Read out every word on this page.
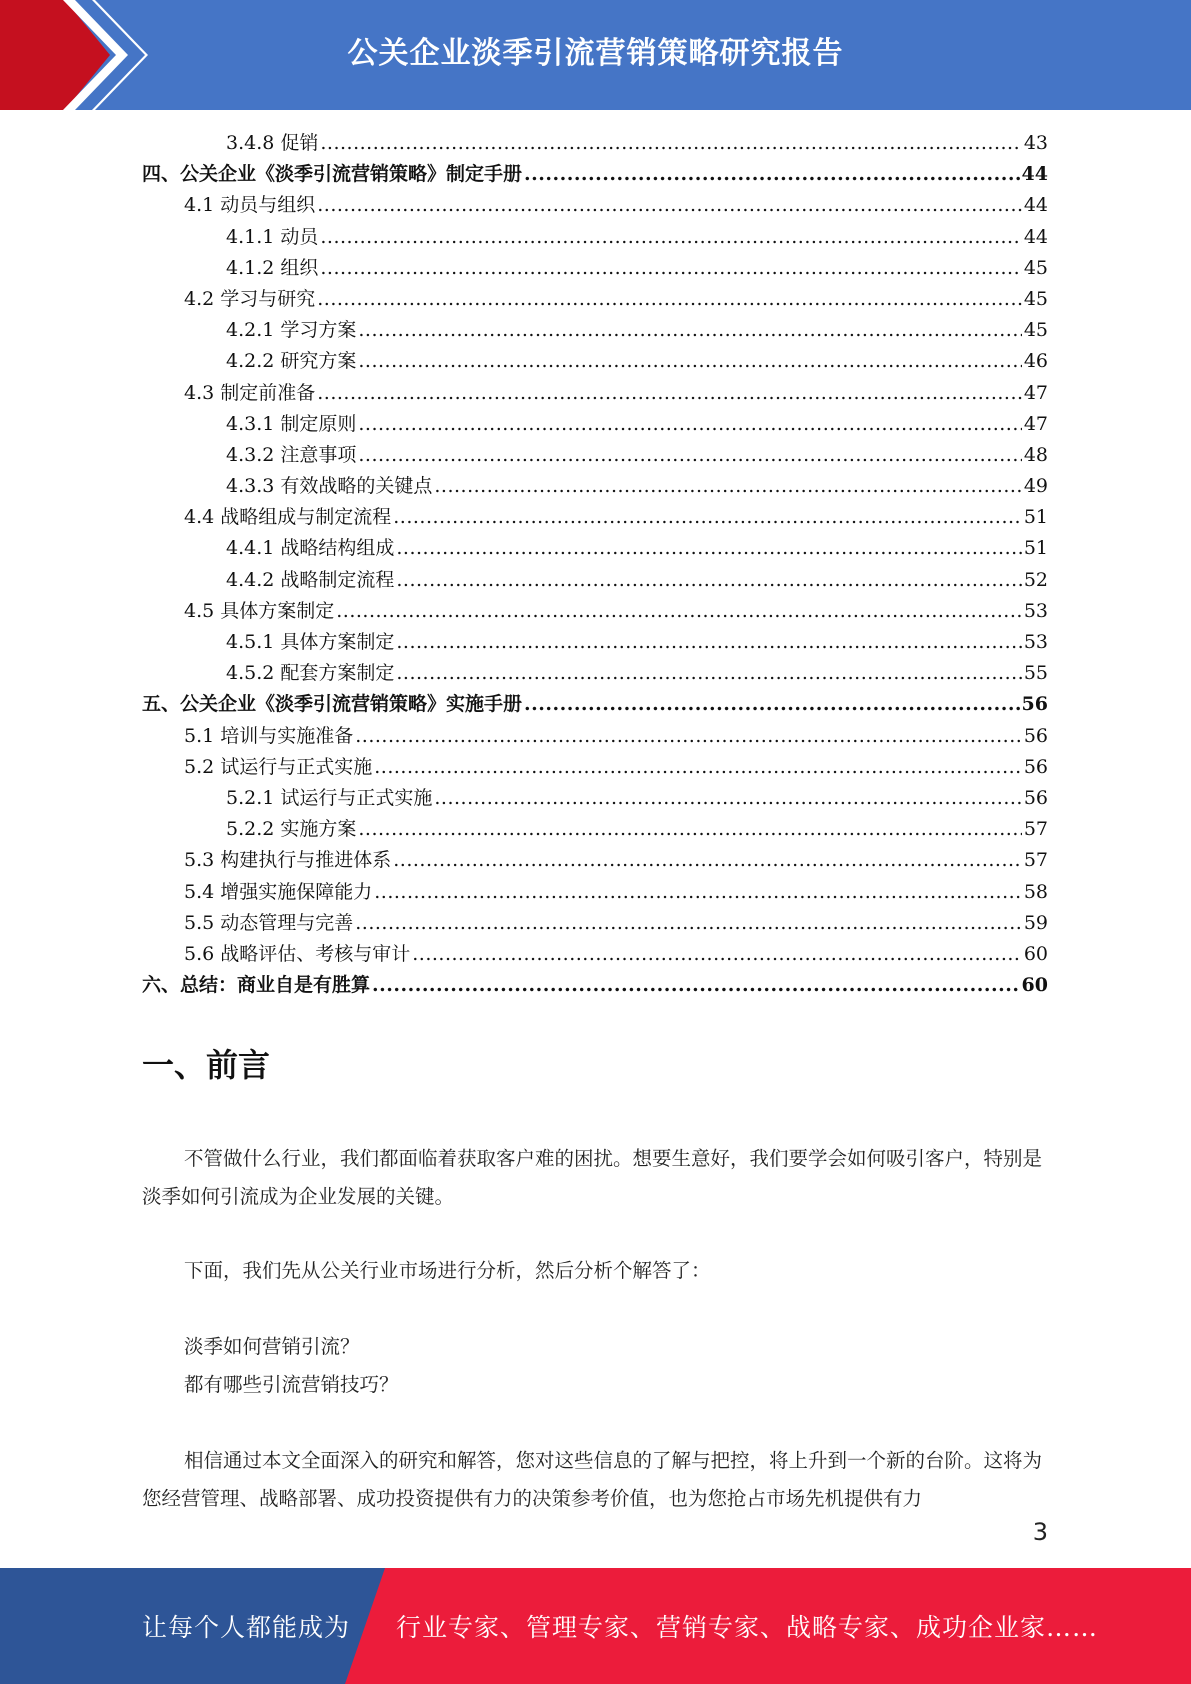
公关企业淡季引流营销策略研究报告
3.4.8 促销 .....	43
四、公关企业《淡季引流营销策略》制定手册 .....	44
4.1 动员与组织 .....	44
4.1.1 动员 .....	44
4.1.2 组织 .....	45
4.2 学习与研究 .....	45
4.2.1 学习方案 .....	45
4.2.2 研究方案 .....	46
4.3 制定前准备 .....	47
4.3.1 制定原则 .....	47
4.3.2 注意事项 .....	48
4.3.3 有效战略的关键点 .....	49
4.4 战略组成与制定流程 .....	51
4.4.1 战略结构组成 .....	51
4.4.2 战略制定流程 .....	52
4.5 具体方案制定 .....	53
4.5.1 具体方案制定 .....	53
4.5.2 配套方案制定 .....	55
五、公关企业《淡季引流营销策略》实施手册 .....	56
5.1 培训与实施准备 .....	56
5.2 试运行与正式实施 .....	56
5.2.1 试运行与正式实施 .....	56
5.2.2 实施方案 .....	57
5.3 构建执行与推进体系 .....	57
5.4 增强实施保障能力 .....	58
5.5 动态管理与完善 .....	59
5.6 战略评估、考核与审计 .....	60
六、总结：商业自是有胜算 .....	60
一、前言
不管做什么行业，我们都面临着获取客户难的困扰。想要生意好，我们要学会如何吸引客户，特别是淡季如何引流成为企业发展的关键。
下面，我们先从公关行业市场进行分析，然后分析个解答了：
淡季如何营销引流？
都有哪些引流营销技巧？
相信通过本文全面深入的研究和解答，您对这些信息的了解与把控，将上升到一个新的台阶。这将为您经营管理、战略部署、成功投资提供有力的决策参考价值，也为您抢占市场先机提供有力
3
让每个人都能成为 行业专家、管理专家、营销专家、战略专家、成功企业家……
